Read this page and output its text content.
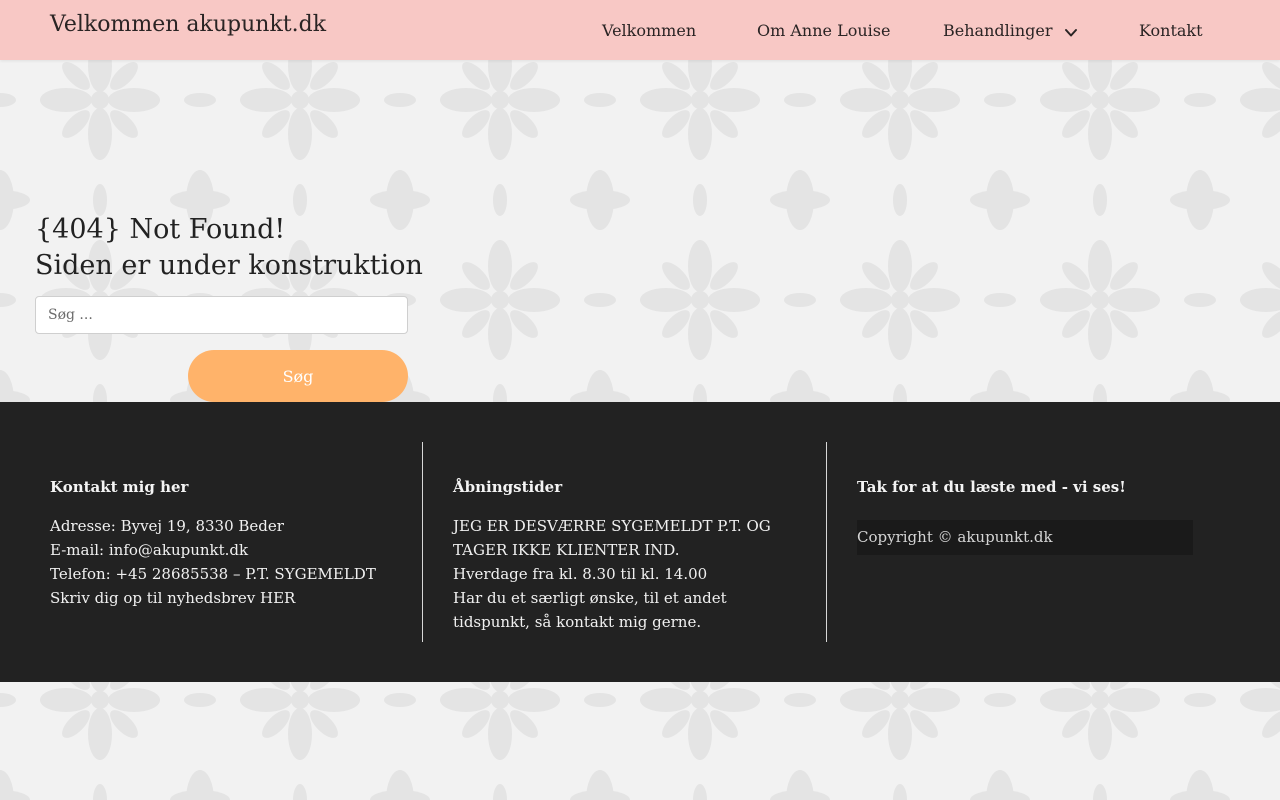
Velkommen akupunkt.dk	Velkommen	Om Anne Louise	Behandlinger	Kontakt
{404} Not Found!
Siden er under konstruktion
Søg ...
Søg
Kontakt mig her
Adresse: Byvej 19, 8330 Beder
E-mail: info@akupunkt.dk
Telefon: +45 28685538 – P.T. SYGEMELDT
Skriv dig op til nyhedsbrev HER
Åbningstider
JEG ER DESVÆRRE SYGEMELDT P.T. OG
TAGER IKKE KLIENTER IND.
Hverdage fra kl. 8.30 til kl. 14.00
Har du et særligt ønske, til et andet
tidspunkt, så kontakt mig gerne.
Tak for at du læste med - vi ses!
Copyright © akupunkt.dk
